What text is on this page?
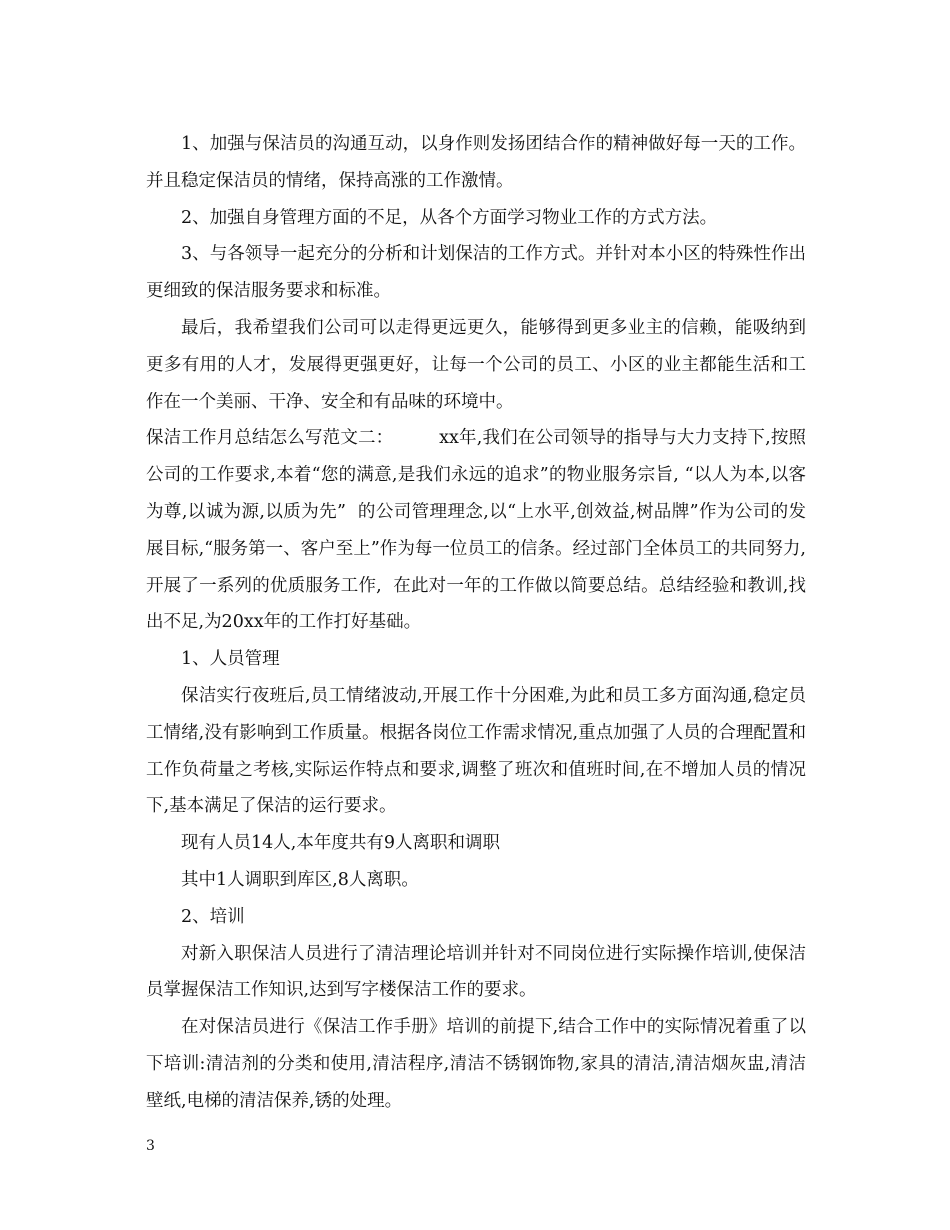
1、加强与保洁员的沟通互动，以身作则发扬团结合作的精神做好每一天的工作。并且稳定保洁员的情绪，保持高涨的工作激情。

2、加强自身管理方面的不足，从各个方面学习物业工作的方式方法。

3、与各领导一起充分的分析和计划保洁的工作方式。并针对本小区的特殊性作出更细致的保洁服务要求和标准。

最后，我希望我们公司可以走得更远更久，能够得到更多业主的信赖，能吸纳到更多有用的人才，发展得更强更好，让每一个公司的员工、小区的业主都能生活和工作在一个美丽、干净、安全和有品味的环境中。

保洁工作月总结怎么写范文二：        xx年,我们在公司领导的指导与大力支持下,按照公司的工作要求,本着“您的满意,是我们永远的追求”的物业服务宗旨, “以人为本,以客为尊,以诚为源,以质为先”  的公司管理理念,以“上水平,创效益,树品牌”作为公司的发展目标,“服务第一、客户至上”作为每一位员工的信条。经过部门全体员工的共同努力,开展了一系列的优质服务工作,  在此对一年的工作做以简要总结。总结经验和教训,找出不足,为20xx年的工作打好基础。

1、人员管理

保洁实行夜班后,员工情绪波动,开展工作十分困难,为此和员工多方面沟通,稳定员工情绪,没有影响到工作质量。根据各岗位工作需求情况,重点加强了人员的合理配置和工作负荷量之考核,实际运作特点和要求,调整了班次和值班时间,在不增加人员的情况下,基本满足了保洁的运行要求。

现有人员14人,本年度共有9人离职和调职

其中1人调职到库区,8人离职。

2、培训

对新入职保洁人员进行了清洁理论培训并针对不同岗位进行实际操作培训,使保洁员掌握保洁工作知识,达到写字楼保洁工作的要求。

在对保洁员进行《保洁工作手册》培训的前提下,结合工作中的实际情况着重了以下培训:清洁剂的分类和使用,清洁程序,清洁不锈钢饰物,家具的清洁,清洁烟灰盅,清洁壁纸,电梯的清洁保养,锈的处理。

3
